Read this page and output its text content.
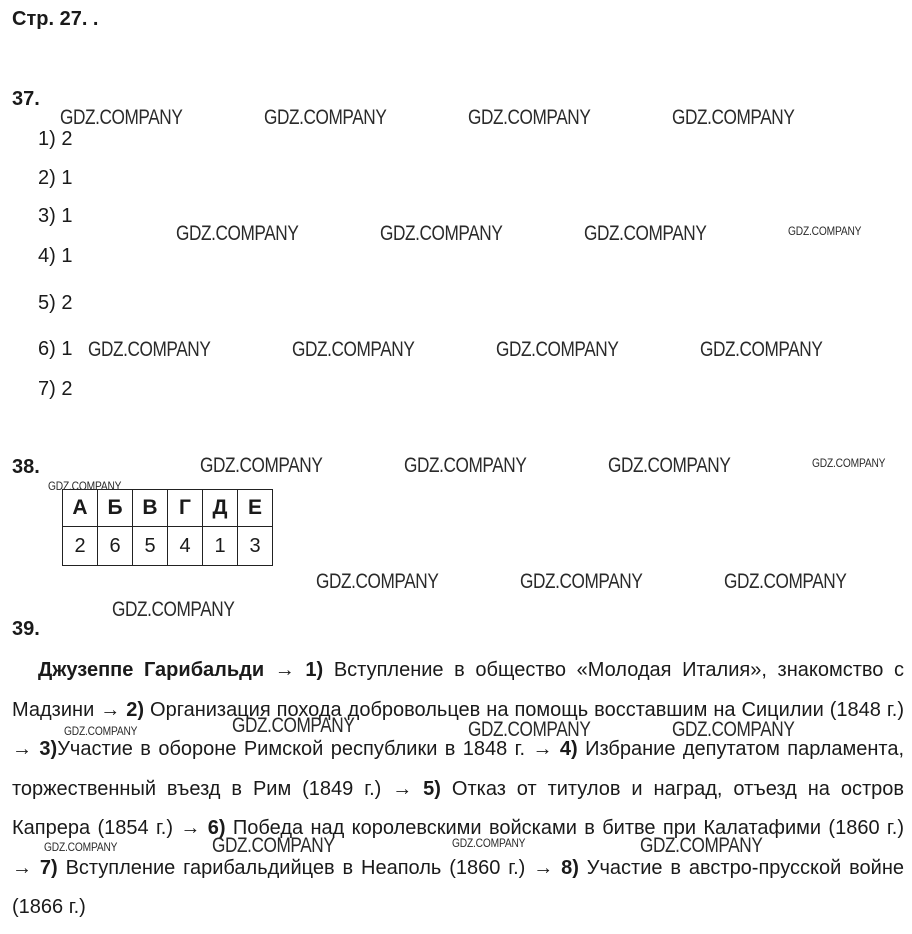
Стр. 27. .
37.
1) 2
2) 1
3) 1
4) 1
5) 2
6) 1
7) 2
38.
А	Б	В	Г	Д	Е
2	6	5	4	1	3
39.
Джузеппе Гарибальди → 1) Вступление в общество «Молодая Италия», знакомство с Мадзини → 2) Организация похода добровольцев на помощь восставшим на Сицилии (1848 г.) → 3)Участие в обороне Римской республики в 1848 г. → 4) Избрание депутатом парламента, торжественный въезд в Рим (1849 г.) → 5) Отказ от титулов и наград, отъезд на остров Капрера (1854 г.) → 6) Победа над королевскими войсками в битве при Калатафими (1860 г.) → 7) Вступление гарибальдийцев в Неаполь (1860 г.) → 8) Участие в австро-прусской войне (1866 г.)
GDZ.COMPANY	GDZ.COMPANY	GDZ.COMPANY	GDZ.COMPANY
GDZ.COMPANY	GDZ.COMPANY	GDZ.COMPANY	GDZ.COMPANY
GDZ.COMPANY	GDZ.COMPANY	GDZ.COMPANY	GDZ.COMPANY
GDZ.COMPANY	GDZ.COMPANY	GDZ.COMPANY	GDZ.COMPANY
GDZ.COMPANY
GDZ.COMPANY	GDZ.COMPANY	GDZ.COMPANY
GDZ.COMPANY
GDZ.COMPANY	GDZ.COMPANY	GDZ.COMPANY	GDZ.COMPANY
GDZ.COMPANY	GDZ.COMPANY	GDZ.COMPANY	GDZ.COMPANY
